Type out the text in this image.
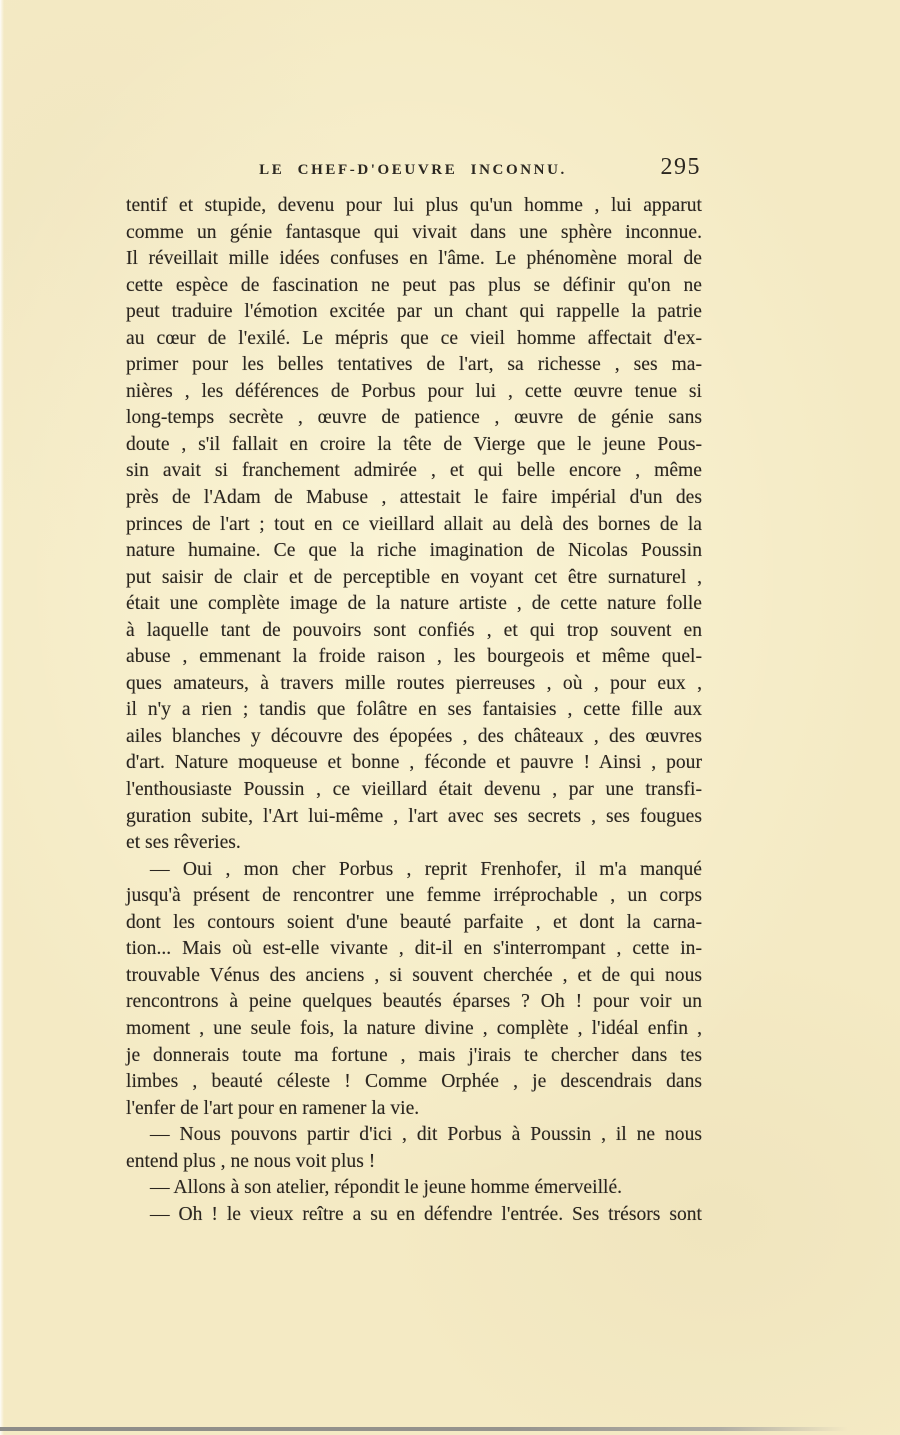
LE CHEF-D'OEUVRE INCONNU.	295
tentif et stupide, devenu pour lui plus qu'un homme , lui apparut
comme un génie fantasque qui vivait dans une sphère inconnue.
Il réveillait mille idées confuses en l'âme. Le phénomène moral de
cette espèce de fascination ne peut pas plus se définir qu'on ne
peut traduire l'émotion excitée par un chant qui rappelle la patrie
au cœur de l'exilé. Le mépris que ce vieil homme affectait d'ex-
primer pour les belles tentatives de l'art, sa richesse , ses ma-
nières , les déférences de Porbus pour lui , cette œuvre tenue si
long-temps secrète , œuvre de patience , œuvre de génie sans
doute , s'il fallait en croire la tête de Vierge que le jeune Pous-
sin avait si franchement admirée , et qui belle encore , même
près de l'Adam de Mabuse , attestait le faire impérial d'un des
princes de l'art ; tout en ce vieillard allait au delà des bornes de la
nature humaine. Ce que la riche imagination de Nicolas Poussin
put saisir de clair et de perceptible en voyant cet être surnaturel ,
était une complète image de la nature artiste , de cette nature folle
à laquelle tant de pouvoirs sont confiés , et qui trop souvent en
abuse , emmenant la froide raison , les bourgeois et même quel-
ques amateurs, à travers mille routes pierreuses , où , pour eux ,
il n'y a rien ; tandis que folâtre en ses fantaisies , cette fille aux
ailes blanches y découvre des épopées , des châteaux , des œuvres
d'art. Nature moqueuse et bonne , féconde et pauvre ! Ainsi , pour
l'enthousiaste Poussin , ce vieillard était devenu , par une transfi-
guration subite, l'Art lui-même , l'art avec ses secrets , ses fougues
et ses rêveries.
— Oui , mon cher Porbus , reprit Frenhofer, il m'a manqué
jusqu'à présent de rencontrer une femme irréprochable , un corps
dont les contours soient d'une beauté parfaite , et dont la carna-
tion... Mais où est-elle vivante , dit-il en s'interrompant , cette in-
trouvable Vénus des anciens , si souvent cherchée , et de qui nous
rencontrons à peine quelques beautés éparses ? Oh ! pour voir un
moment , une seule fois, la nature divine , complète , l'idéal enfin ,
je donnerais toute ma fortune , mais j'irais te chercher dans tes
limbes , beauté céleste ! Comme Orphée , je descendrais dans
l'enfer de l'art pour en ramener la vie.
— Nous pouvons partir d'ici , dit Porbus à Poussin , il ne nous
entend plus , ne nous voit plus !
— Allons à son atelier, répondit le jeune homme émerveillé.
— Oh ! le vieux reître a su en défendre l'entrée. Ses trésors sont
